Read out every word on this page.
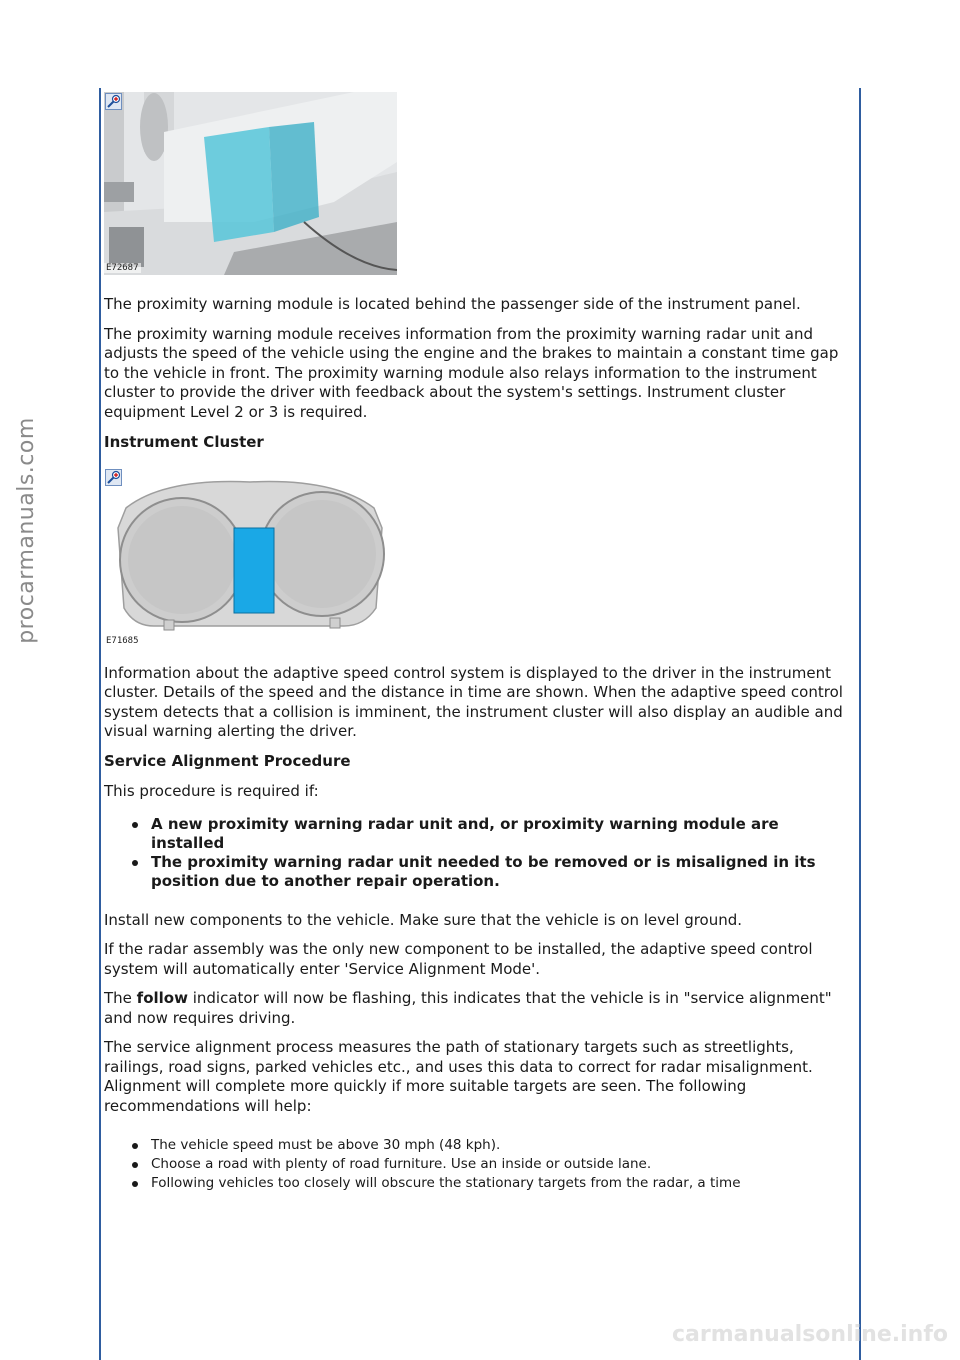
procarmanuals.com
carmanualsonline.info
E72687

The proximity warning module is located behind the passenger side of the instrument panel.

The proximity warning module receives information from the proximity warning radar unit and adjusts the speed of the vehicle using the engine and the brakes to maintain a constant time gap to the vehicle in front. The proximity warning module also relays information to the instrument cluster to provide the driver with feedback about the system's settings. Instrument cluster equipment Level 2 or 3 is required.

Instrument Cluster

E71685

Information about the adaptive speed control system is displayed to the driver in the instrument cluster. Details of the speed and the distance in time are shown. When the adaptive speed control system detects that a collision is imminent, the instrument cluster will also display an audible and visual warning alerting the driver.

Service Alignment Procedure

This procedure is required if:

A new proximity warning radar unit and, or proximity warning module are installed
The proximity warning radar unit needed to be removed or is misaligned in its position due to another repair operation.

Install new components to the vehicle. Make sure that the vehicle is on level ground.

If the radar assembly was the only new component to be installed, the adaptive speed control system will automatically enter 'Service Alignment Mode'.

The follow indicator will now be flashing, this indicates that the vehicle is in "service alignment" and now requires driving.

The service alignment process measures the path of stationary targets such as streetlights, railings, road signs, parked vehicles etc., and uses this data to correct for radar misalignment. Alignment will complete more quickly if more suitable targets are seen. The following recommendations will help:

The vehicle speed must be above 30 mph (48 kph).
Choose a road with plenty of road furniture. Use an inside or outside lane.
Following vehicles too closely will obscure the stationary targets from the radar, a time
